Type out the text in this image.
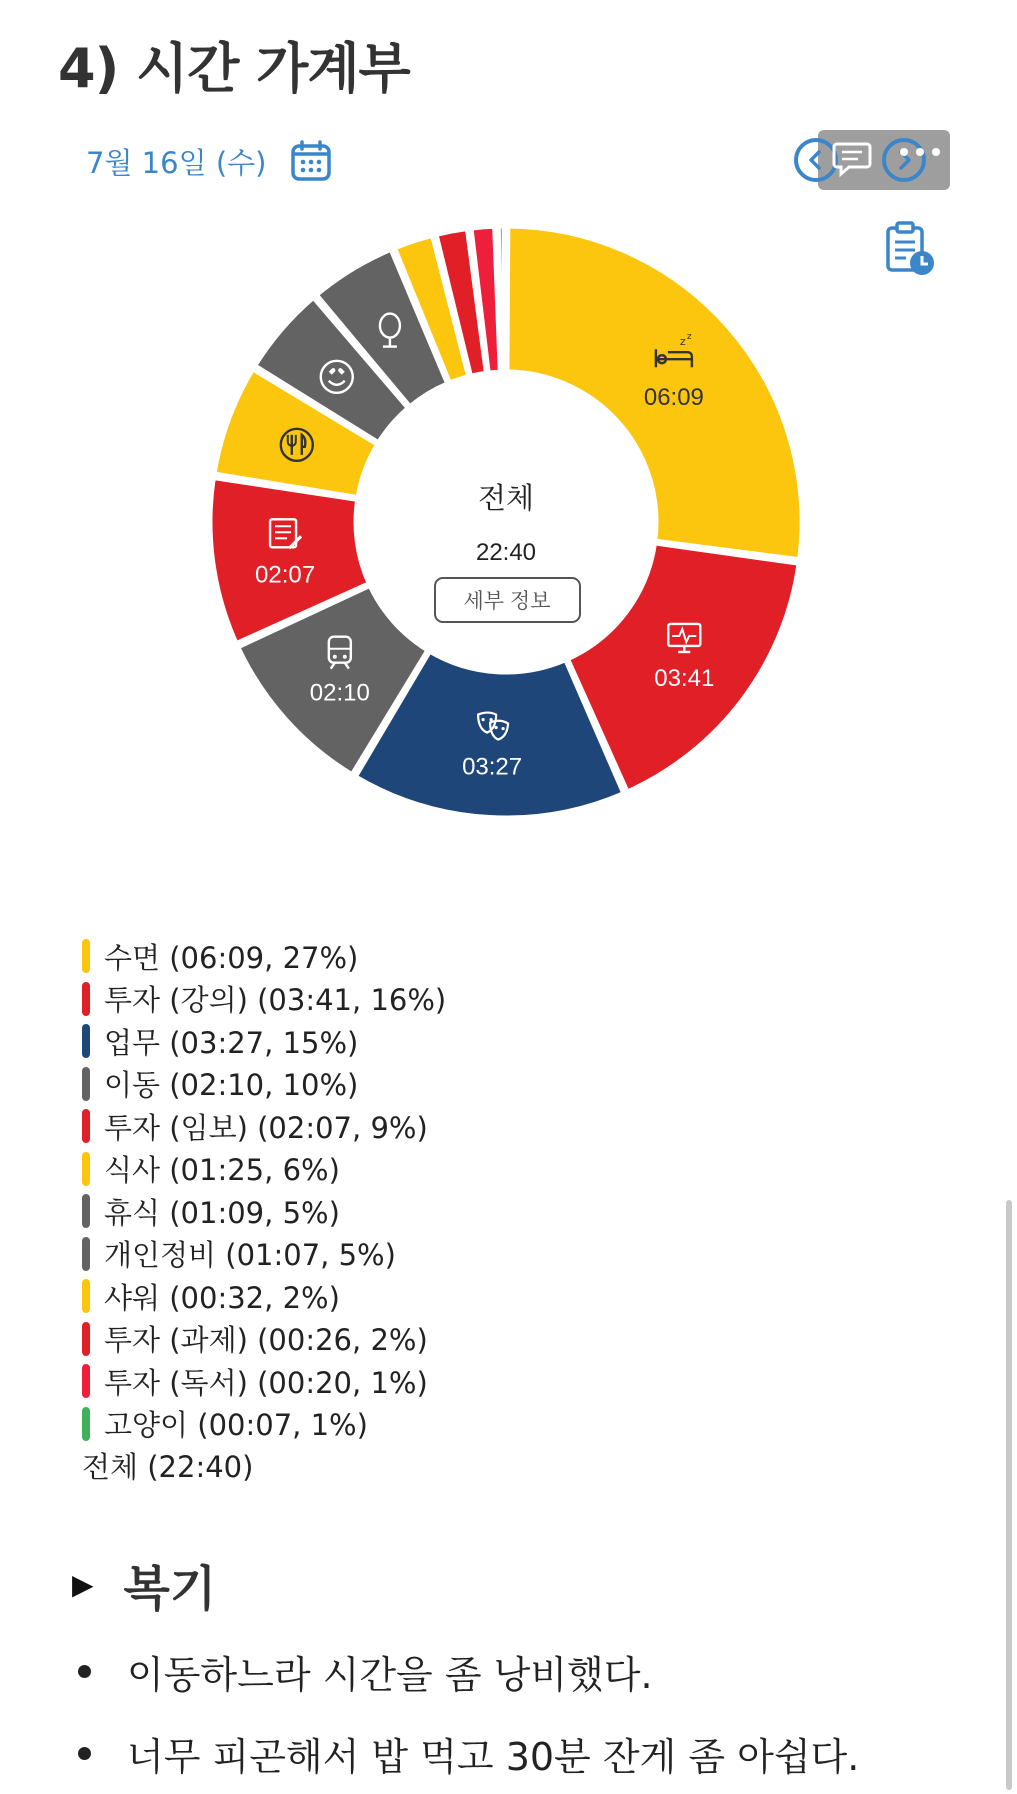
4) 시간 가계부
7월 16일 (수)
z z
06:09
03:41
03:27
02:10
02:07
전체
22:40
세부 정보
수면 (06:09, 27%)
투자 (강의) (03:41, 16%)
업무 (03:27, 15%)
이동 (02:10, 10%)
투자 (임보) (02:07, 9%)
식사 (01:25, 6%)
휴식 (01:09, 5%)
개인정비 (01:07, 5%)
샤워 (00:32, 2%)
투자 (과제) (00:26, 2%)
투자 (독서) (00:20, 1%)
고양이 (00:07, 1%)
전체 (22:40)
▶ 복기
이동하느라 시간을 좀 낭비했다.
너무 피곤해서 밥 먹고 30분 잔게 좀 아쉽다.
